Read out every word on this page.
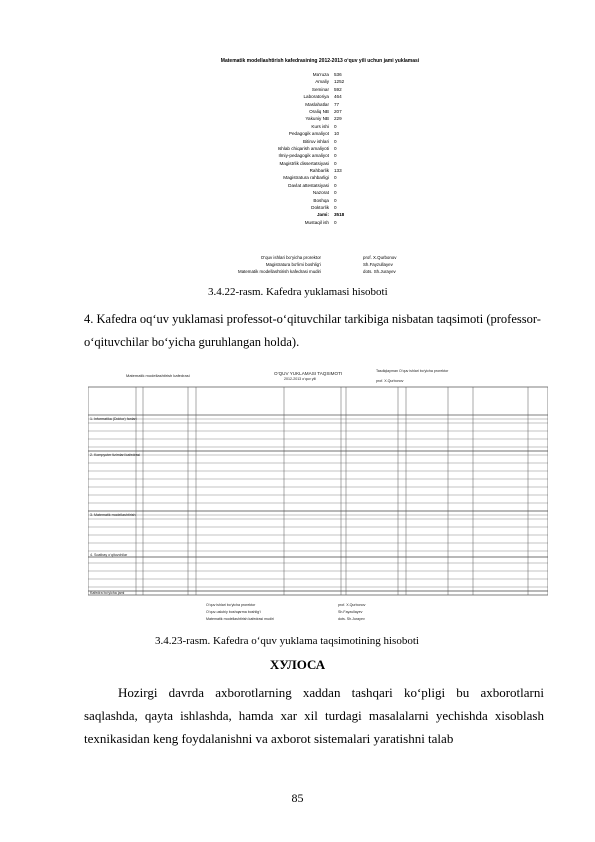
Matematik modellashtirish kafedrasining 2012-2013 o‘quv yili uchun jami yuklamasi
Ma'ruza 536
Amaliy 1252
Seminar 592
Laboratoriya 464
Maslahatlar 77
Oraliq NB 207
Yakuniy NB 229
Kurs ishi 0
Pedagogik amaliyot 10
Bitiruv ishlari 0
Ishlab chiqarish amaliyoti 0
Ilmiy-pedagogik amaliyot 0
Magistrlik dissertatsiyasi 0
Rahbarlik 133
Magistratura rahbarligi 0
Davlat attestatsiyasi 0
Nazorat 0
Boshqa 0
Doktorlik 0
Jami: 3518
Mustaqil ish 0
O‘quv ishlari bo‘yicha prorektor	prof. X.Qurbonov
Magistratura bo‘limi boshlig‘i	Sh.Fayzullayev
Matematik modellashtirish kafedrasi mudiri	dots. Sh.Jurayev
3.4.22-rasm. Kafedra yuklamasi hisoboti
4. Kafedra oq‘uv yuklamasi professot-o‘qituvchilar tarkibiga nisbatan taqsimoti (professor-o‘qituvchilar bo‘yicha guruhlangan holda).
Matematik modellashtirish kafedrasi	O‘QUV YUKLAMASI TAQSIMOTI
2012-2013 o‘quv yili
Tasdiqlayman O‘quv ishlari bo‘yicha prorektor
prof. X.Qurbonov
1. Informatika (Doktor) fanlari
2. Kompyuter tizimlari kafedrasi
3. Matematik modellashtirish
4. Soatbay o‘qituvchilar
Kafedra bo‘yicha jami
O‘quv ishlari bo‘yicha prorektor	prof. X.Qurbonov
O‘quv-uslubiy boshqarma boshlig‘i	Sh.Fayzullayev
Matematik modellashtirish kafedrasi mudiri	dots. Sh.Jurayev
3.4.23-rasm. Kafedra o‘quv yuklama taqsimotining hisoboti
ХУЛОСА
Hozirgi davrda axborotlarning xaddan tashqari ko‘pligi bu axborotlarni saqlashda, qayta ishlashda, hamda xar xil turdagi masalalarni yechishda xisoblash texnikasidan keng foydalanishni va axborot sistemalari yaratishni talab
85
